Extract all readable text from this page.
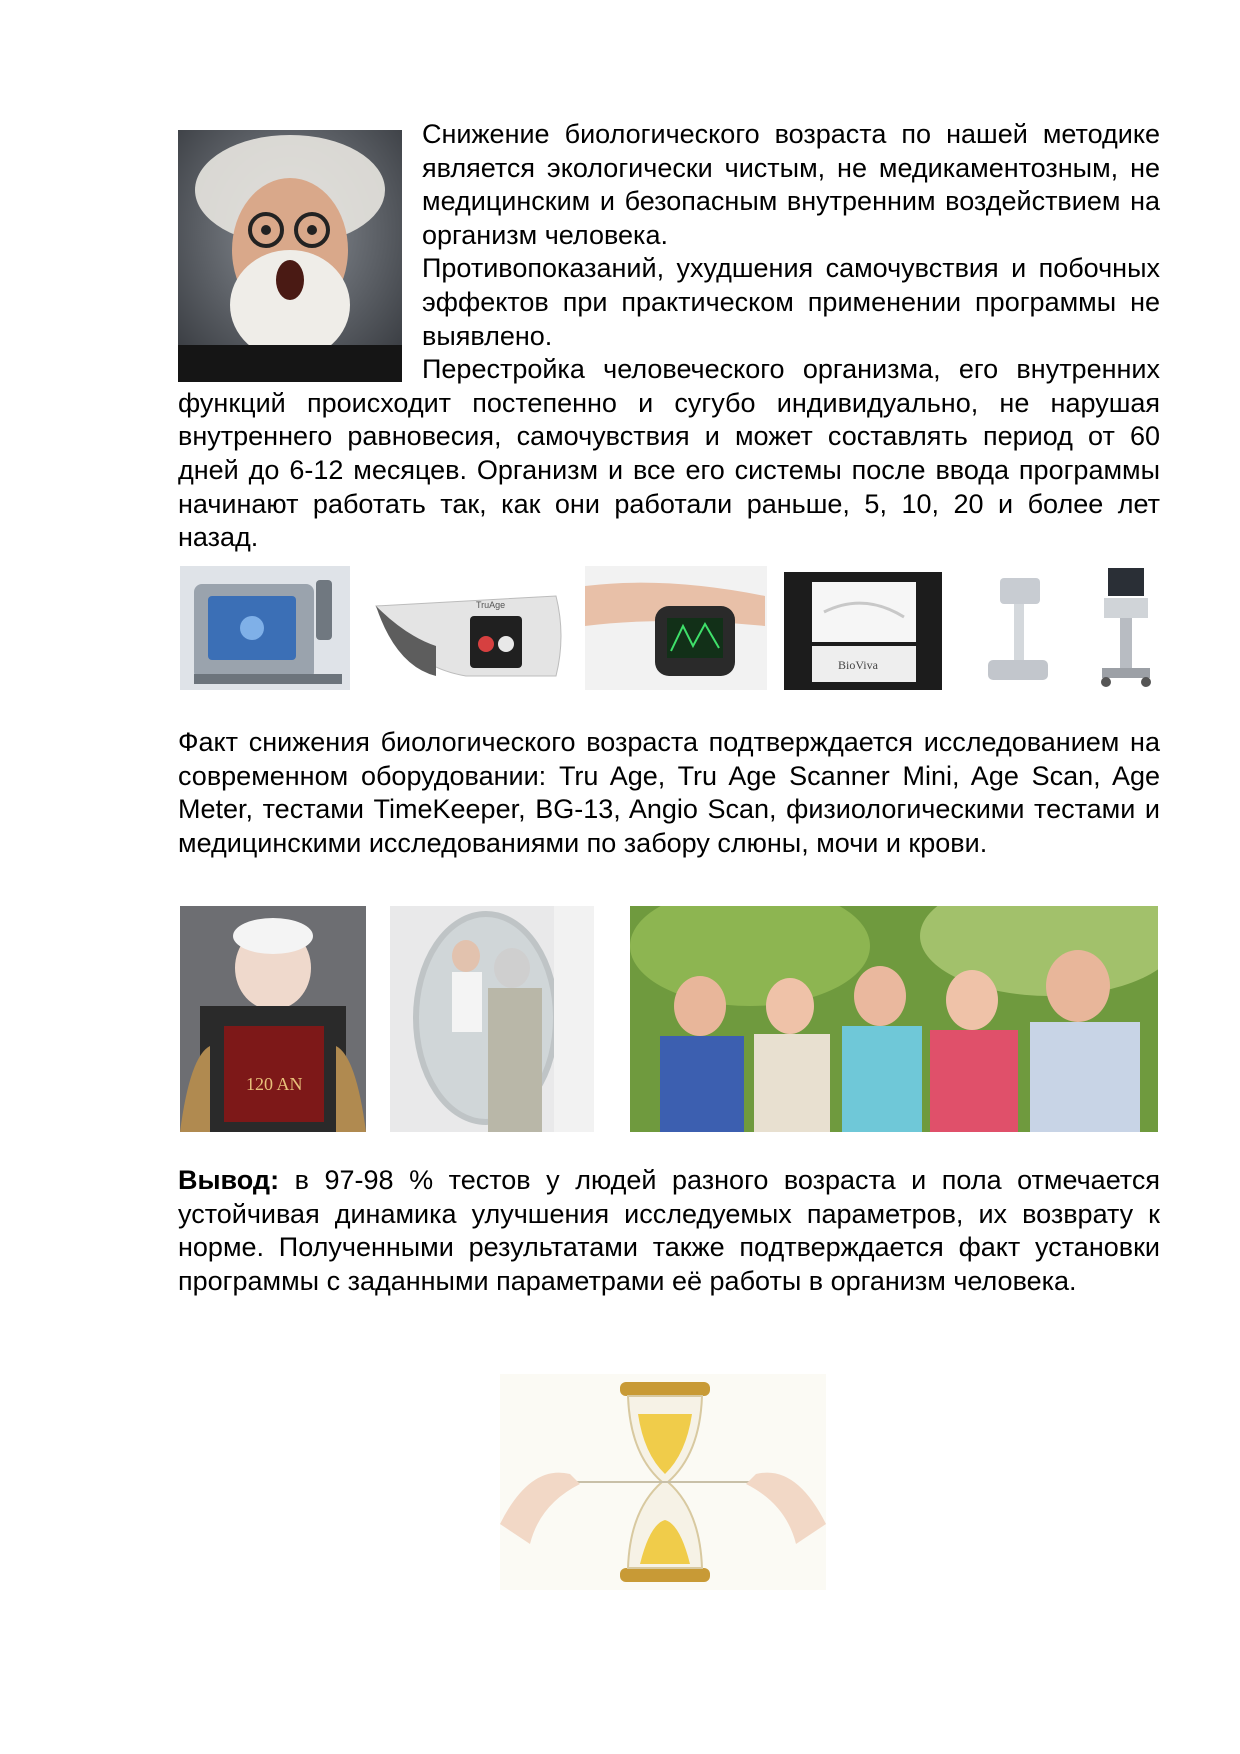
Снижение биологического возраста по нашей методике является экологически чистым, не медикаментозным, не медицинским и безопасным внутренним воздействием на организм человека.

Противопоказаний, ухудшения самочувствия и побочных эффектов при практическом применении программы не выявлено.

Перестройка человеческого организма, его внутренних функций происходит постепенно и сугубо индивидуально, не нарушая внутреннего равновесия, самочувствия и может составлять период от 60 дней до 6-12 месяцев. Организм и все его системы после ввода программы начинают работать так, как они работали раньше, 5, 10, 20 и более лет назад.

TruAge
BioViva

Факт снижения биологического возраста подтверждается исследованием на современном оборудовании: Tru Age, Tru Age Scanner Mini, Age Scan, Age Meter, тестами TimeKeeper, BG-13, Angio Scan, физиологическими тестами и медицинскими исследованиями по забору слюны, мочи и крови.

120 AN

Вывод: в 97-98 % тестов у людей разного возраста и пола отмечается устойчивая динамика улучшения исследуемых параметров, их возврату к норме. Полученными результатами также подтверждается факт установки программы с заданными параметрами её работы в организм человека.
